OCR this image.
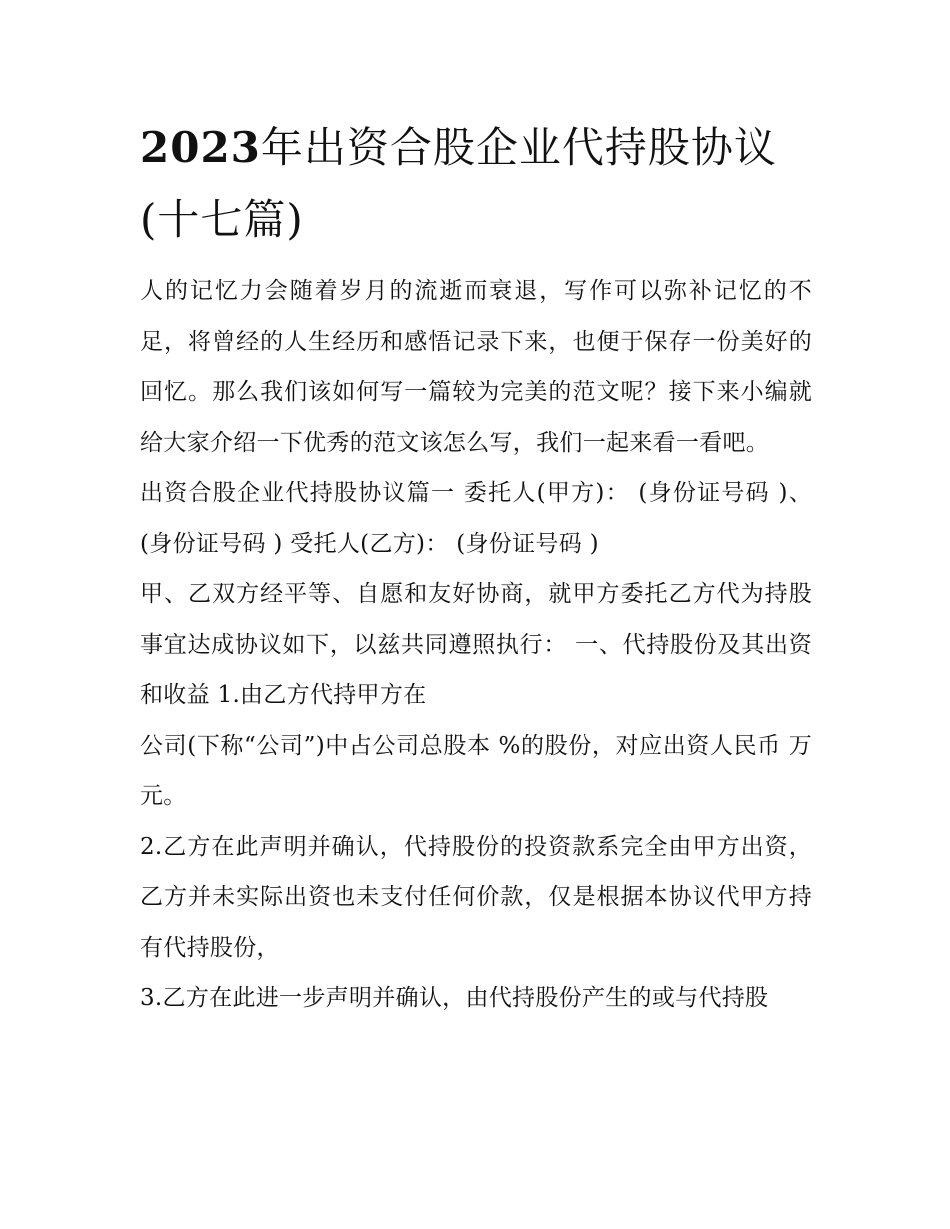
2023年出资合股企业代持股协议(十七篇)

人的记忆力会随着岁月的流逝而衰退，写作可以弥补记忆的不足，将曾经的人生经历和感悟记录下来，也便于保存一份美好的回忆。那么我们该如何写一篇较为完美的范文呢？接下来小编就给大家介绍一下优秀的范文该怎么写，我们一起来看一看吧。

出资合股企业代持股协议篇一 委托人(甲方)： (身份证号码 )、 (身份证号码 ) 受托人(乙方)： (身份证号码 )

甲、乙双方经平等、自愿和友好协商，就甲方委托乙方代为持股事宜达成协议如下，以兹共同遵照执行： 一、代持股份及其出资和收益 1.由乙方代持甲方在

公司(下称“公司”)中占公司总股本 %的股份，对应出资人民币 万元。

2.乙方在此声明并确认，代持股份的投资款系完全由甲方出资，乙方并未实际出资也未支付任何价款，仅是根据本协议代甲方持有代持股份，

3.乙方在此进一步声明并确认，由代持股份产生的或与代持股
